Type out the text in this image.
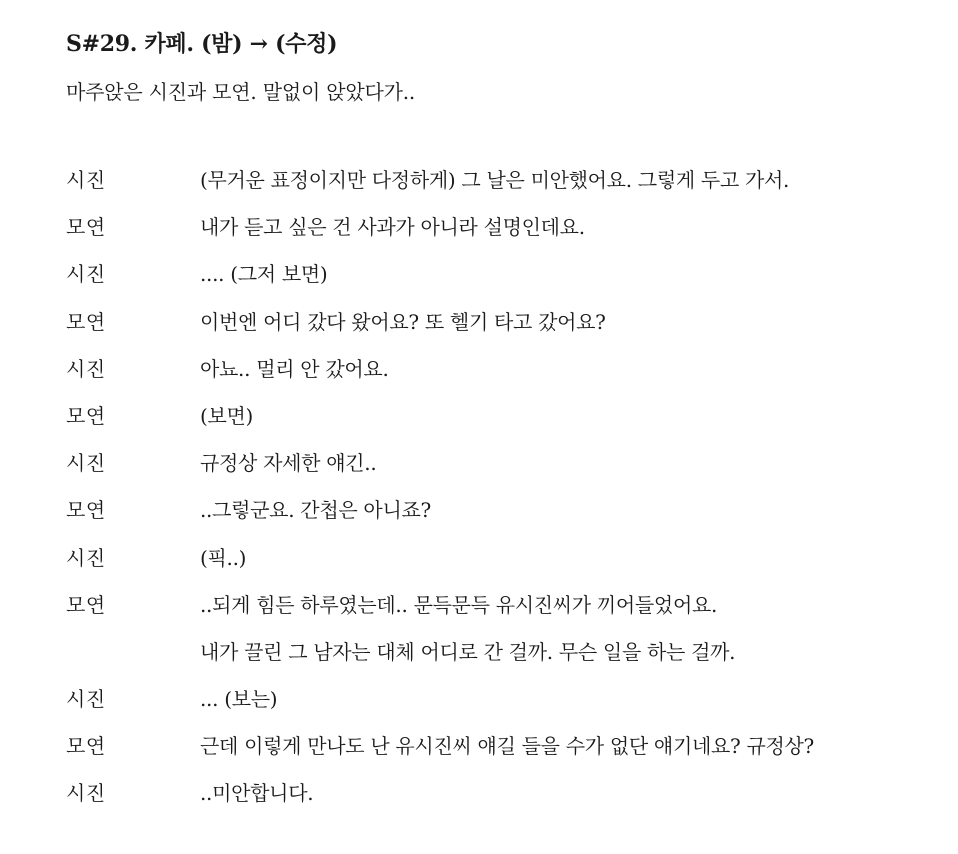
S#29. 카페. (밤) → (수정)
마주앉은 시진과 모연. 말없이 앉았다가..
시진	(무거운 표정이지만 다정하게) 그 날은 미안했어요. 그렇게 두고 가서.
모연	내가 듣고 싶은 건 사과가 아니라 설명인데요.
시진	.... (그저 보면)
모연	이번엔 어디 갔다 왔어요? 또 헬기 타고 갔어요?
시진	아뇨.. 멀리 안 갔어요.
모연	(보면)
시진	규정상 자세한 얘긴..
모연	..그렇군요. 간첩은 아니죠?
시진	(픽..)
모연	..되게 힘든 하루였는데.. 문득문득 유시진씨가 끼어들었어요.
내가 끌린 그 남자는 대체 어디로 간 걸까. 무슨 일을 하는 걸까.
시진	... (보는)
모연	근데 이렇게 만나도 난 유시진씨 얘길 들을 수가 없단 얘기네요? 규정상?
시진	..미안합니다.
